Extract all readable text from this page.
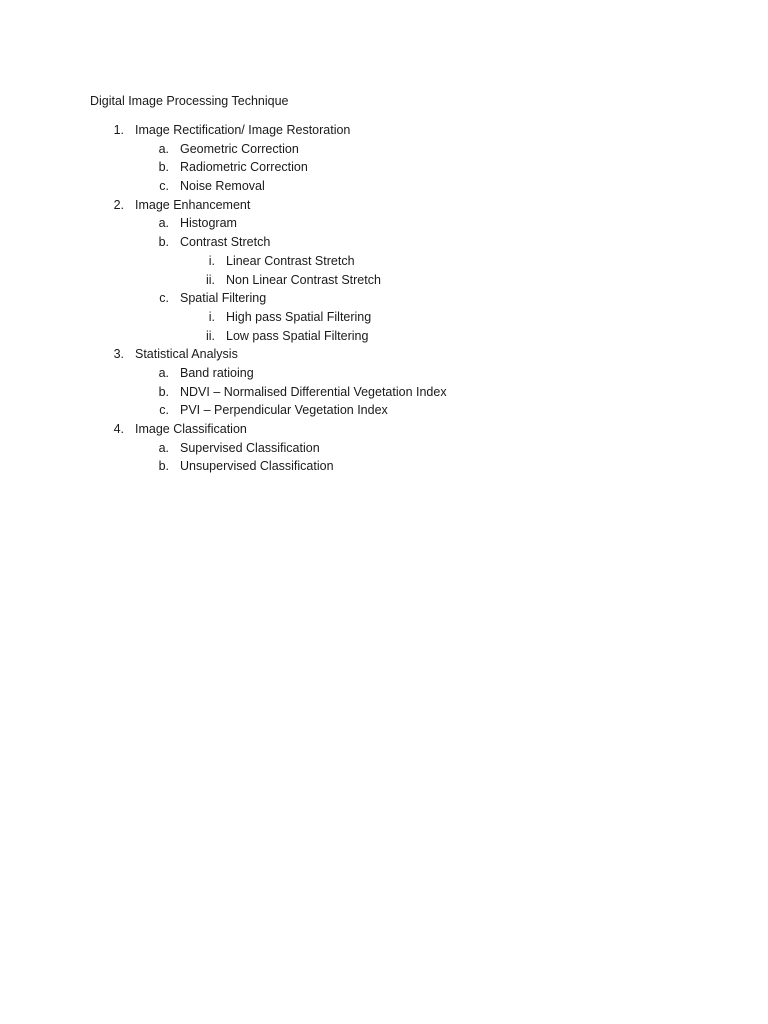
Digital Image Processing Technique
1. Image Rectification/ Image Restoration
a. Geometric Correction
b. Radiometric Correction
c. Noise Removal
2. Image Enhancement
a. Histogram
b. Contrast Stretch
i. Linear Contrast Stretch
ii. Non Linear Contrast Stretch
c. Spatial Filtering
i. High pass Spatial Filtering
ii. Low pass Spatial Filtering
3. Statistical Analysis
a. Band ratioing
b. NDVI – Normalised Differential Vegetation Index
c. PVI – Perpendicular Vegetation Index
4. Image Classification
a. Supervised Classification
b. Unsupervised Classification
